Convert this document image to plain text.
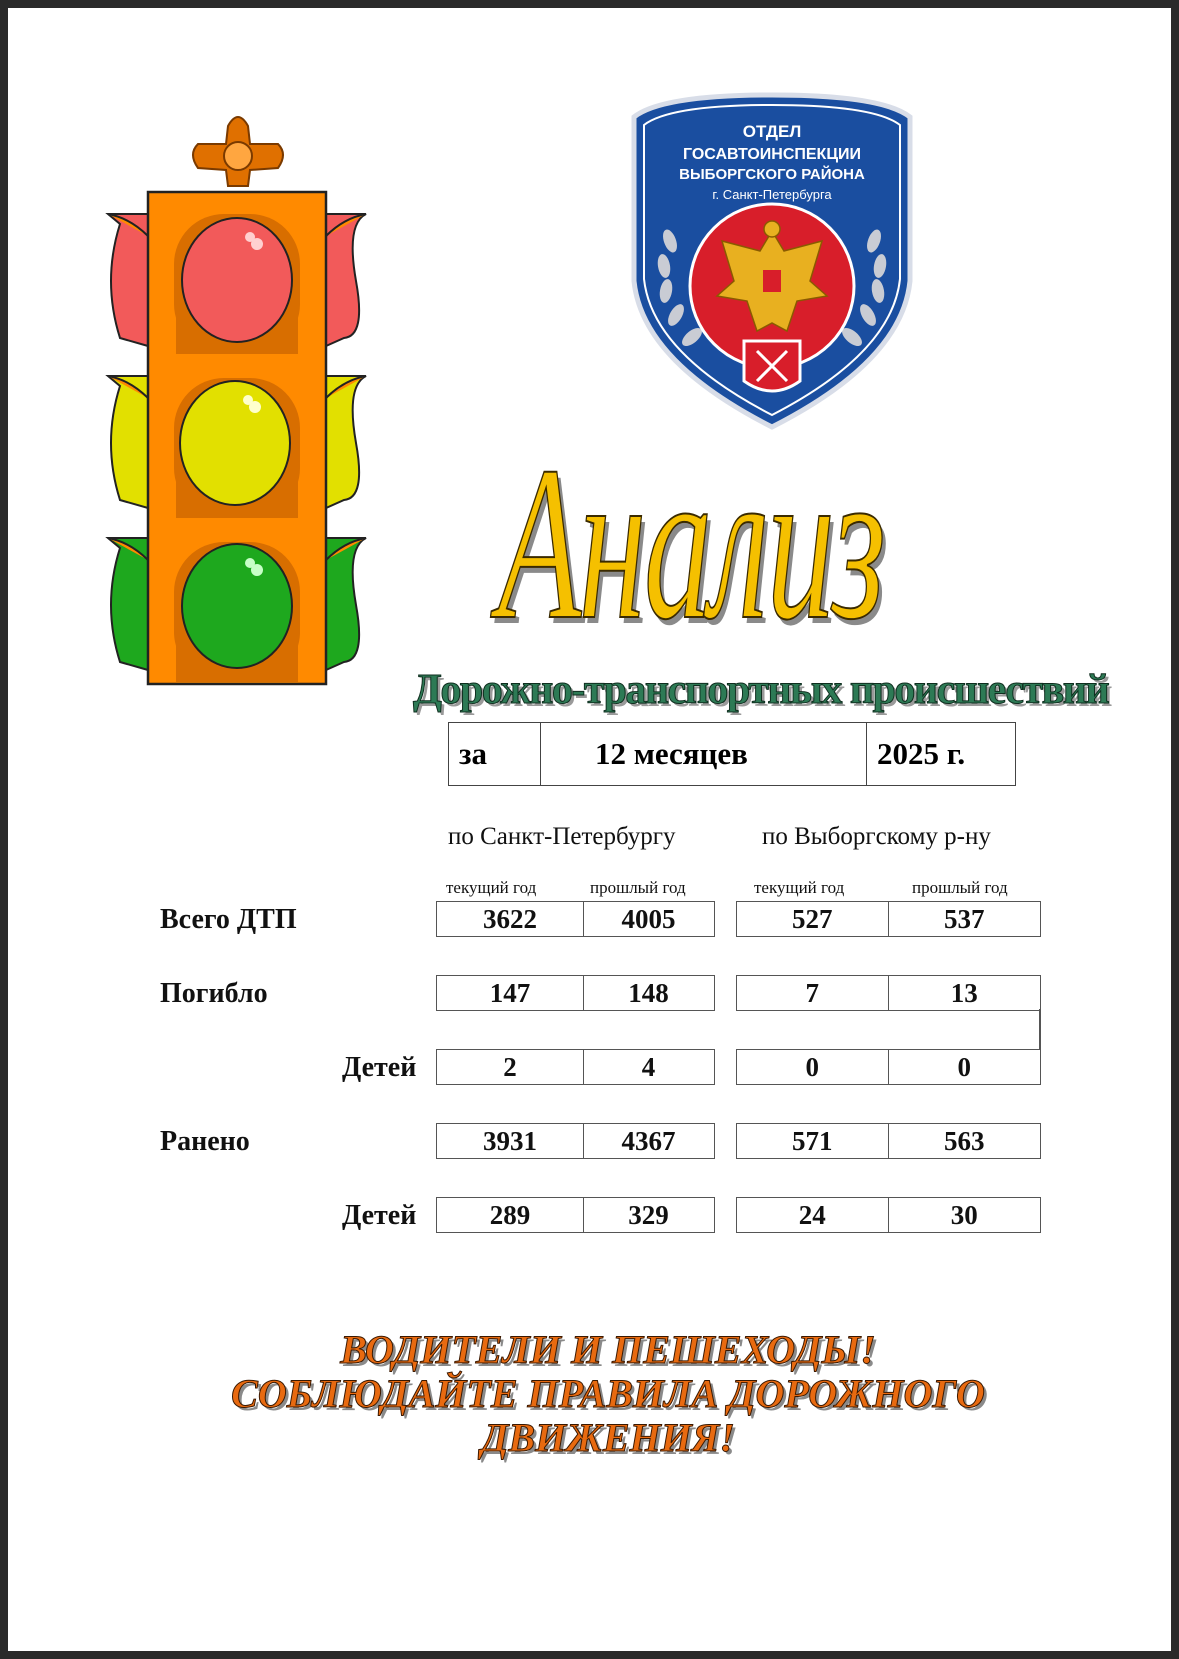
ОТДЕЛ
ГОСАВТОИНСПЕКЦИИ
ВЫБОРГСКОГО РАЙОНА
г. Санкт-Петербурга
Анализ
Дорожно-транспортных происшествий
за	12 месяцев	2025 г.
по Санкт-Петербургу	по Выборгскому р-ну
текущий год	прошлый год	текущий год	прошлый год
Всего ДТП	3622	4005	527	537
Погибло	147	148	7	13
Детей	2	4	0	0
Ранено	3931	4367	571	563
Детей	289	329	24	30
ВОДИТЕЛИ И ПЕШЕХОДЫ!
СОБЛЮДАЙТЕ ПРАВИЛА ДОРОЖНОГО
ДВИЖЕНИЯ!
